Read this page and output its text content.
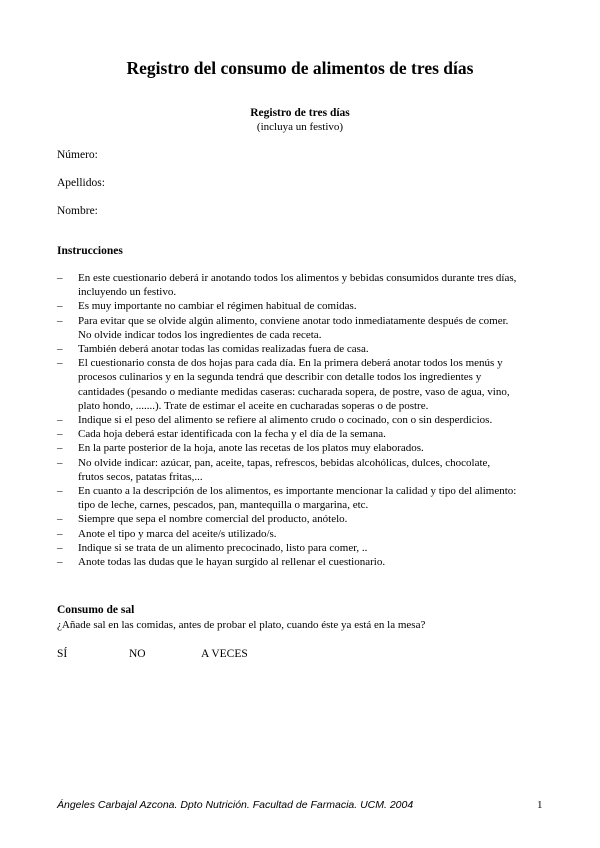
Registro del consumo de alimentos de tres días
Registro de tres días
(incluya un festivo)
Número:
Apellidos:
Nombre:
Instrucciones
– En este cuestionario deberá ir anotando todos los alimentos y bebidas consumidos durante tres días, incluyendo un festivo.
– Es muy importante no cambiar el régimen habitual de comidas.
– Para evitar que se olvide algún alimento, conviene anotar todo inmediatamente después de comer. No olvide indicar todos los ingredientes de cada receta.
– También deberá anotar todas las comidas realizadas fuera de casa.
– El cuestionario consta de dos hojas para cada día. En la primera deberá anotar todos los menús y procesos culinarios y en la segunda tendrá que describir con detalle todos los ingredientes y cantidades (pesando o mediante medidas caseras: cucharada sopera, de postre, vaso de agua, vino, plato hondo, .......). Trate de estimar el aceite en cucharadas soperas o de postre.
– Indique si el peso del alimento se refiere al alimento crudo o cocinado, con o sin desperdicios.
– Cada hoja deberá estar identificada con la fecha y el día de la semana.
– En la parte posterior de la hoja, anote las recetas de los platos muy elaborados.
– No olvide indicar: azúcar, pan, aceite, tapas, refrescos, bebidas alcohólicas, dulces, chocolate, frutos secos, patatas fritas,...
– En cuanto a la descripción de los alimentos, es importante mencionar la calidad y tipo del alimento: tipo de leche, carnes, pescados, pan, mantequilla o margarina, etc.
– Siempre que sepa el nombre comercial del producto, anótelo.
– Anote el tipo y marca del aceite/s utilizado/s.
– Indique si se trata de un alimento precocinado, listo para comer, ..
– Anote todas las dudas que le hayan surgido al rellenar el cuestionario.
Consumo de sal
¿Añade sal en las comidas, antes de probar el plato, cuando éste ya está en la mesa?
SÍ	NO	A VECES
Ángeles Carbajal Azcona. Dpto Nutrición. Facultad de Farmacia. UCM. 2004	1
